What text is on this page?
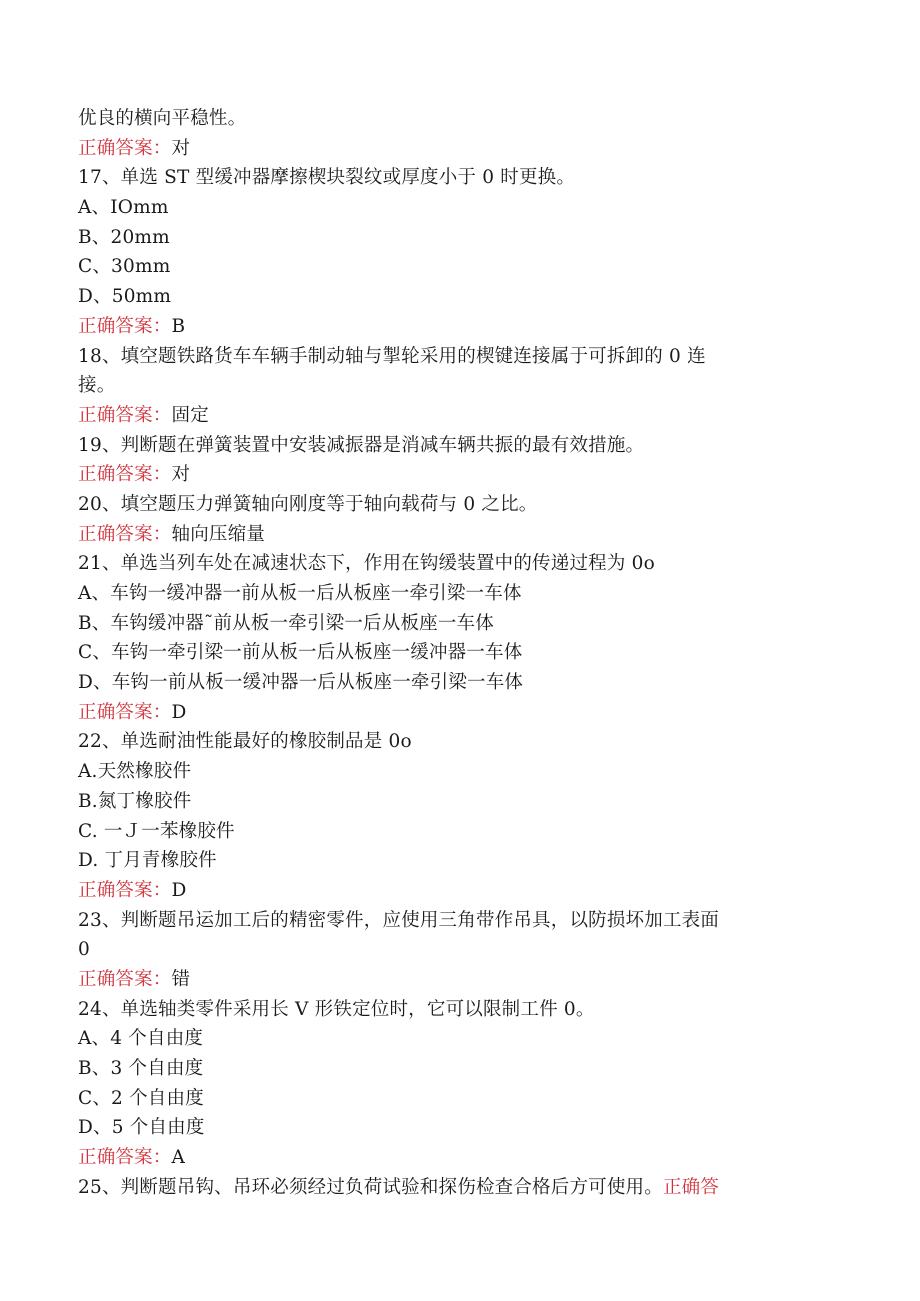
优良的横向平稳性。
正确答案：对
17、单选 ST 型缓冲器摩擦楔块裂纹或厚度小于 0 时更换。
A、IOmm
B、20mm
C、30mm
D、50mm
正确答案：B
18、填空题铁路货车车辆手制动轴与掣轮采用的楔键连接属于可拆卸的 0 连
接。
正确答案：固定
19、判断题在弹簧装置中安装减振器是消减车辆共振的最有效措施。
正确答案：对
20、填空题压力弹簧轴向刚度等于轴向载荷与 0 之比。
正确答案：轴向压缩量
21、单选当列车处在减速状态下，作用在钩缓装置中的传递过程为 0o
A、车钩一缓冲器一前从板一后从板座一牵引梁一车体
B、车钩缓冲器˜前从板一牵引梁一后从板座一车体
C、车钩一牵引梁一前从板一后从板座一缓冲器一车体
D、车钩一前从板一缓冲器一后从板座一牵引梁一车体
正确答案：D
22、单选耐油性能最好的橡胶制品是 0o
A.天然橡胶件
B.氮丁橡胶件
C. 一Ｊ一苯橡胶件
D. 丁月青橡胶件
正确答案：D
23、判断题吊运加工后的精密零件，应使用三角带作吊具，以防损坏加工表面
0
正确答案：错
24、单选轴类零件采用长 V 形铁定位时，它可以限制工件 0。
A、4 个自由度
B、3 个自由度
C、2 个自由度
D、5 个自由度
正确答案：A
25、判断题吊钩、吊环必须经过负荷试验和探伤检查合格后方可使用。正确答
